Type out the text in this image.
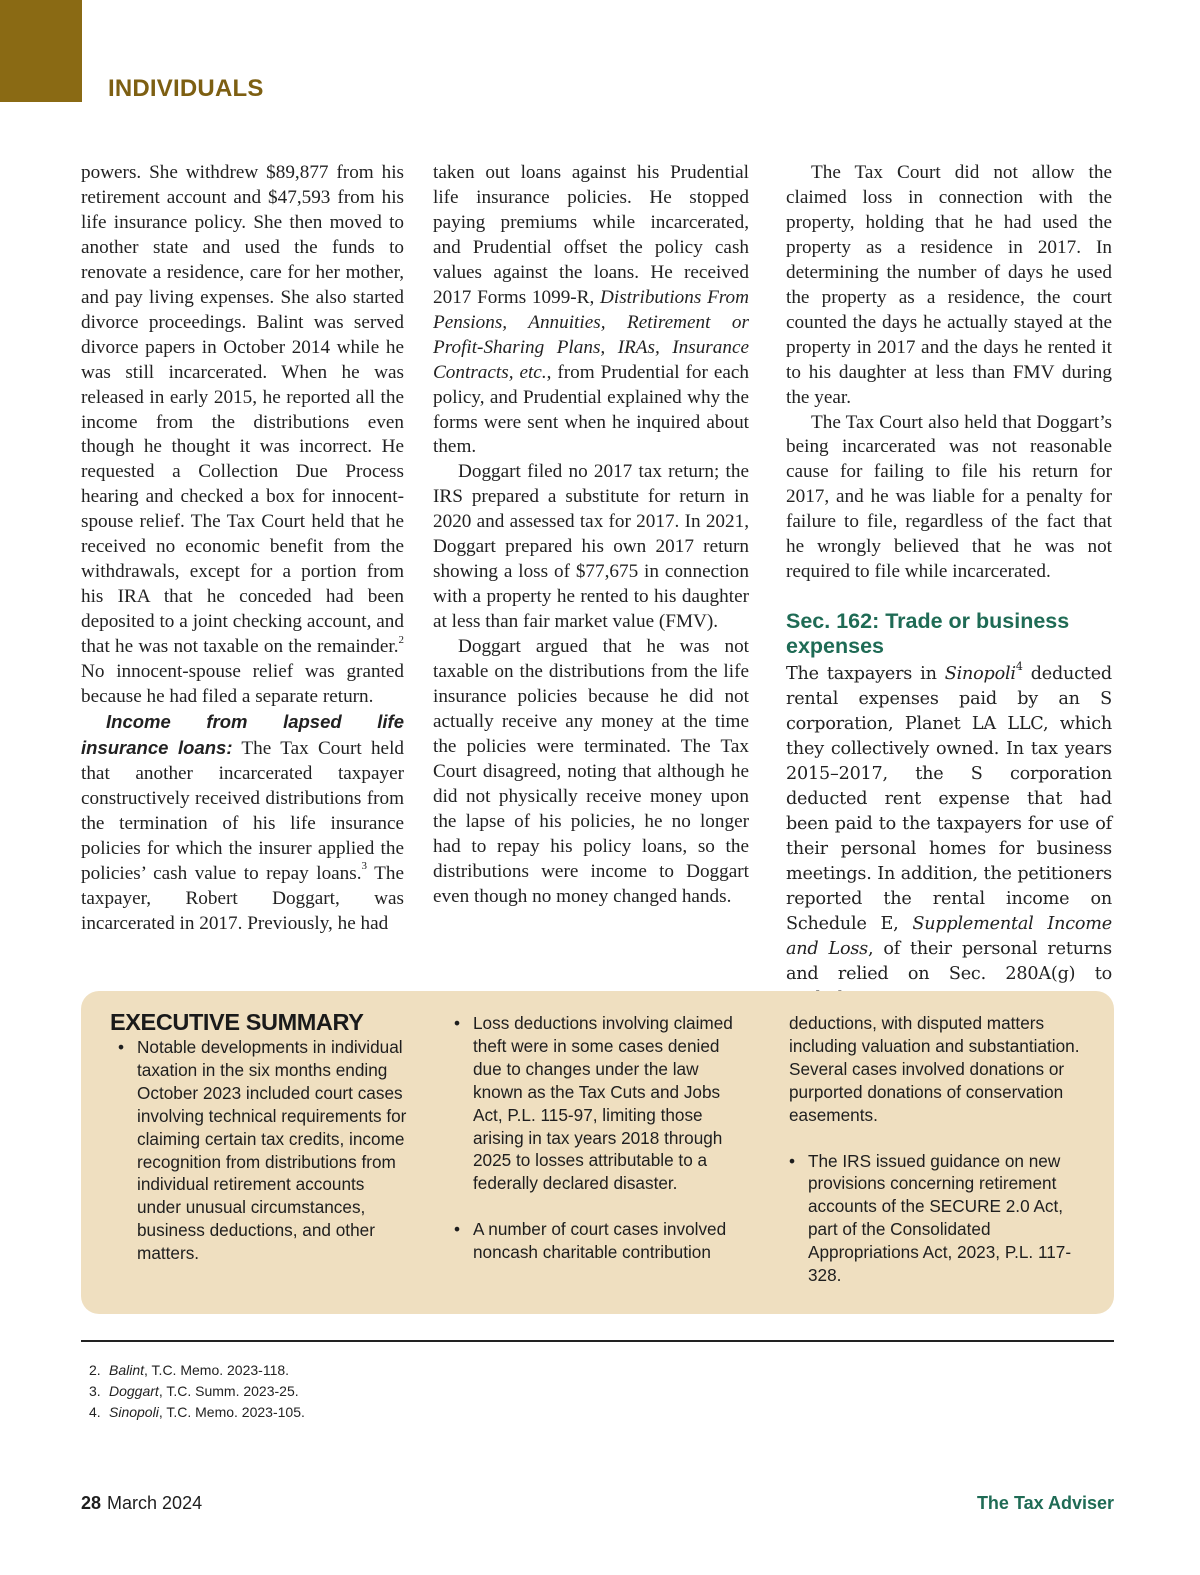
INDIVIDUALS

powers. She withdrew $89,877 from his retirement account and $47,593 from his life insurance policy. She then moved to another state and used the funds to renovate a residence, care for her mother, and pay living expenses. She also started divorce proceedings. Balint was served divorce papers in October 2014 while he was still incarcerated. When he was released in early 2015, he reported all the income from the distributions even though he thought it was incorrect. He requested a Collection Due Process hearing and checked a box for innocent-spouse relief. The Tax Court held that he received no economic benefit from the withdrawals, except for a portion from his IRA that he conceded had been deposited to a joint checking account, and that he was not taxable on the remainder.$^2$ No innocent-spouse relief was granted because he had filed a separate return.

Income from lapsed life insurance loans: The Tax Court held that another incarcerated taxpayer constructively received distributions from the termination of his life insurance policies for which the insurer applied the policies’ cash value to repay loans.$^3$ The taxpayer, Robert Doggart, was incarcerated in 2017. Previously, he had

taken out loans against his Prudential life insurance policies. He stopped paying premiums while incarcerated, and Prudential offset the policy cash values against the loans. He received 2017 Forms 1099-R, Distributions From Pensions, Annuities, Retirement or Profit-Sharing Plans, IRAs, Insurance Contracts, etc., from Prudential for each policy, and Prudential explained why the forms were sent when he inquired about them.

Doggart filed no 2017 tax return; the IRS prepared a substitute for return in 2020 and assessed tax for 2017. In 2021, Doggart prepared his own 2017 return showing a loss of $77,675 in connection with a property he rented to his daughter at less than fair market value (FMV).

Doggart argued that he was not taxable on the distributions from the life insurance policies because he did not actually receive any money at the time the policies were terminated. The Tax Court disagreed, noting that although he did not physically receive money upon the lapse of his policies, he no longer had to repay his policy loans, so the distributions were income to Doggart even though no money changed hands.

The Tax Court did not allow the claimed loss in connection with the property, holding that he had used the property as a residence in 2017. In determining the number of days he used the property as a residence, the court counted the days he actually stayed at the property in 2017 and the days he rented it to his daughter at less than FMV during the year.

The Tax Court also held that Doggart’s being incarcerated was not reasonable cause for failing to file his return for 2017, and he was liable for a penalty for failure to file, regardless of the fact that he wrongly believed that he was not required to file while incarcerated.

Sec. 162: Trade or business expenses

The taxpayers in Sinopoli$^4$ deducted rental expenses paid by an S corporation, Planet LA LLC, which they collectively owned. In tax years 2015–2017, the S corporation deducted rent expense that had been paid to the taxpayers for use of their personal homes for business meetings. In addition, the petitioners reported the rental income on Schedule E, Supplemental Income and Loss, of their personal returns and relied on Sec. 280A(g) to

EXECUTIVE SUMMARY
• Notable developments in individual taxation in the six months ending October 2023 included court cases involving technical requirements for claiming certain tax credits, income recognition from distributions from individual retirement accounts under unusual circumstances, business deductions, and other matters.
• Loss deductions involving claimed theft were in some cases denied due to changes under the law known as the Tax Cuts and Jobs Act, P.L. 115-97, limiting those arising in tax years 2018 through 2025 to losses attributable to a federally declared disaster.
• A number of court cases involved noncash charitable contribution
deductions, with disputed matters including valuation and substantiation. Several cases involved donations or purported donations of conservation easements.
• The IRS issued guidance on new provisions concerning retirement accounts of the SECURE 2.0 Act, part of the Consolidated Appropriations Act, 2023, P.L. 117-328.
2. Balint, T.C. Memo. 2023-118.
3. Doggart, T.C. Summ. 2023-25.
4. Sinopoli, T.C. Memo. 2023-105.
28 March 2024	The Tax Adviser
